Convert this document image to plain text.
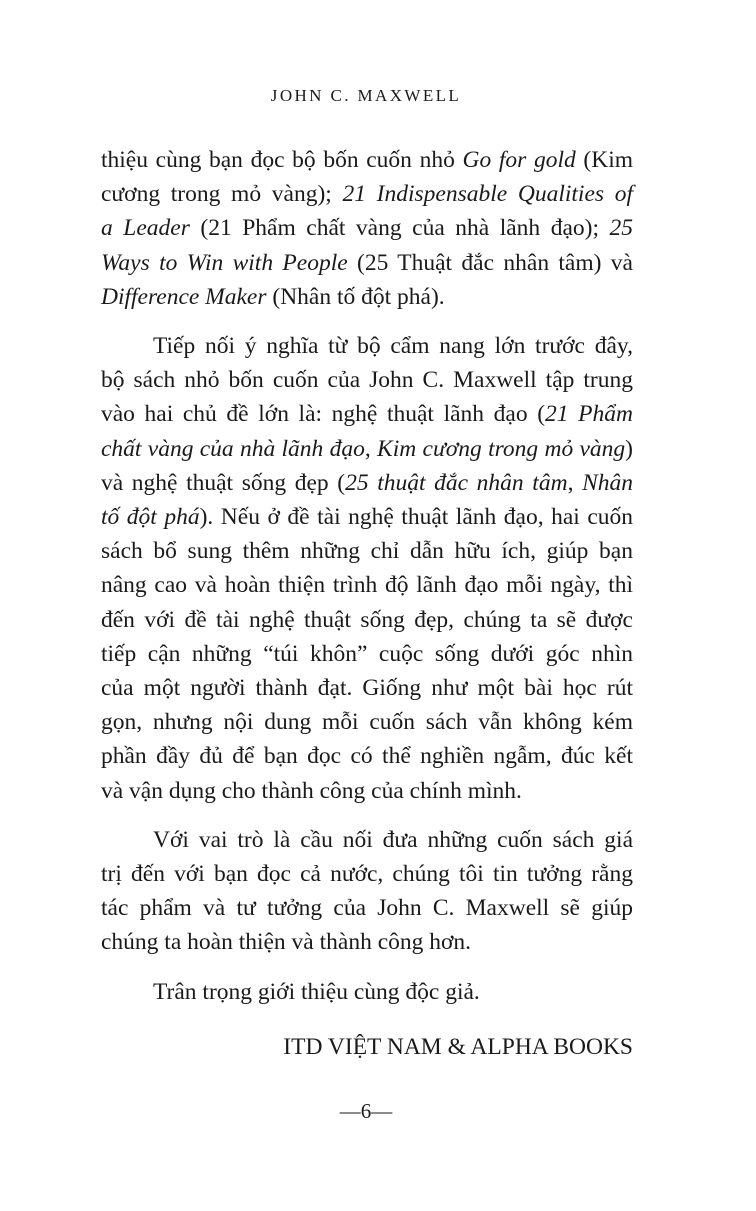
JOHN C. MAXWELL

thiệu cùng bạn đọc bộ bốn cuốn nhỏ Go for gold (Kim
cương trong mỏ vàng); 21 Indispensable Qualities of
a Leader (21 Phẩm chất vàng của nhà lãnh đạo); 25
Ways to Win with People (25 Thuật đắc nhân tâm) và
Difference Maker (Nhân tố đột phá).

Tiếp nối ý nghĩa từ bộ cẩm nang lớn trước đây,
bộ sách nhỏ bốn cuốn của John C. Maxwell tập trung
vào hai chủ đề lớn là: nghệ thuật lãnh đạo (21 Phẩm
chất vàng của nhà lãnh đạo, Kim cương trong mỏ vàng)
và nghệ thuật sống đẹp (25 thuật đắc nhân tâm, Nhân
tố đột phá). Nếu ở đề tài nghệ thuật lãnh đạo, hai cuốn
sách bổ sung thêm những chỉ dẫn hữu ích, giúp bạn
nâng cao và hoàn thiện trình độ lãnh đạo mỗi ngày, thì
đến với đề tài nghệ thuật sống đẹp, chúng ta sẽ được
tiếp cận những “túi khôn” cuộc sống dưới góc nhìn
của một người thành đạt. Giống như một bài học rút
gọn, nhưng nội dung mỗi cuốn sách vẫn không kém
phần đầy đủ để bạn đọc có thể nghiền ngẫm, đúc kết
và vận dụng cho thành công của chính mình.

Với vai trò là cầu nối đưa những cuốn sách giá
trị đến với bạn đọc cả nước, chúng tôi tin tưởng rằng
tác phẩm và tư tưởng của John C. Maxwell sẽ giúp
chúng ta hoàn thiện và thành công hơn.

Trân trọng giới thiệu cùng độc giả.

ITD VIỆT NAM & ALPHA BOOKS
—6—
